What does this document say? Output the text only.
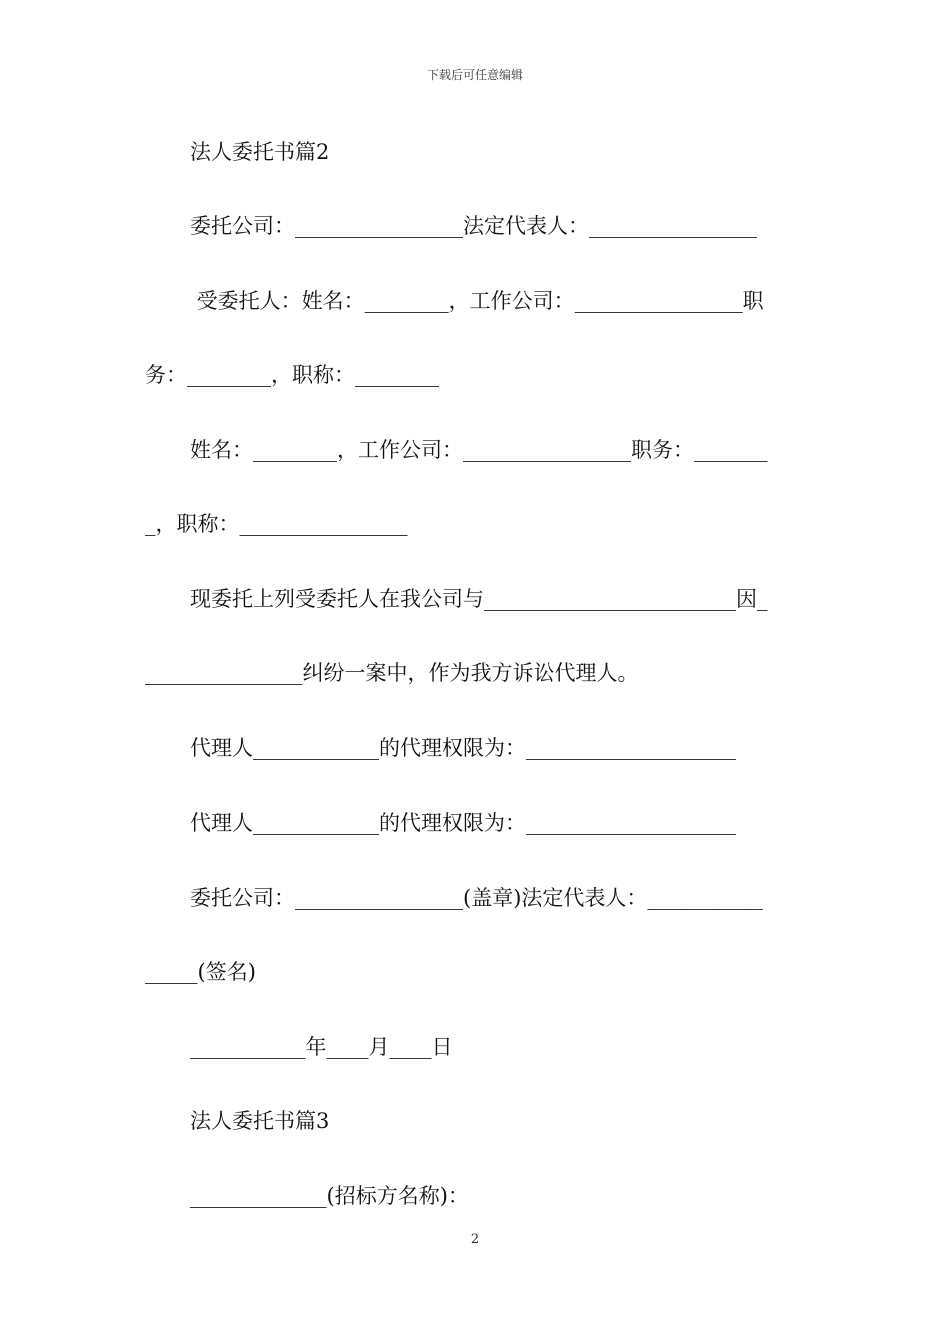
下载后可任意编辑
法人委托书篇2
委托公司：________________法定代表人：________________
受委托人：姓名：________，工作公司：________________职
务：________，职称：________
姓名：________，工作公司：________________职务：_______
_，职称：________________
现委托上列受委托人在我公司与________________________因_
_______________纠纷一案中，作为我方诉讼代理人。
代理人____________的代理权限为：____________________
代理人____________的代理权限为：____________________
委托公司：________________(盖章)法定代表人：___________
_____(签名)
___________年____月____日
法人委托书篇3
_____________(招标方名称)：
2
